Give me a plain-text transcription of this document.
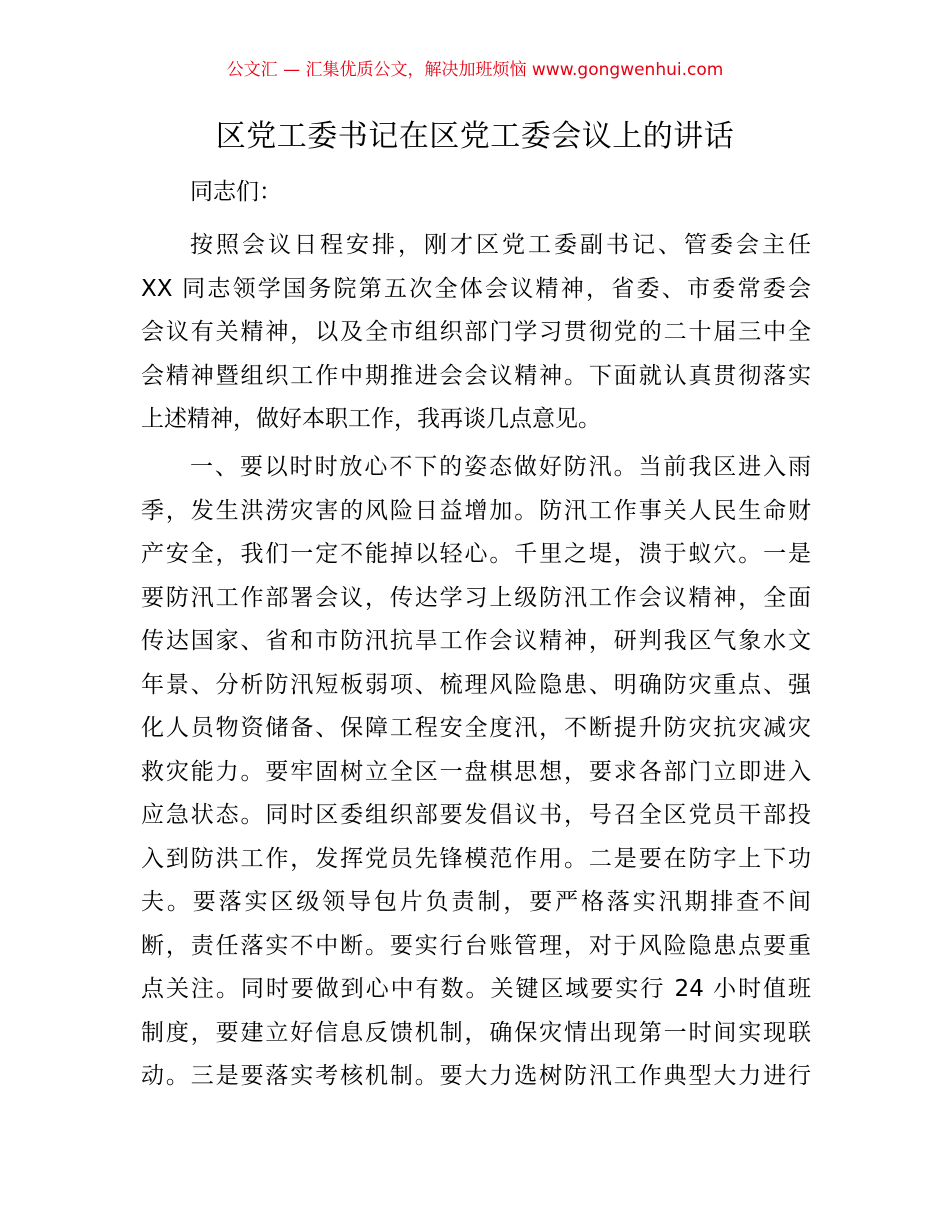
公文汇 — 汇集优质公文，解决加班烦恼 www.gongwenhui.com
区党工委书记在区党工委会议上的讲话

同志们：

按照会议日程安排，刚才区党工委副书记、管委会主任
XX 同志领学国务院第五次全体会议精神，省委、市委常委会
会议有关精神，以及全市组织部门学习贯彻党的二十届三中全
会精神暨组织工作中期推进会会议精神。下面就认真贯彻落实
上述精神，做好本职工作，我再谈几点意见。

一、要以时时放心不下的姿态做好防汛。当前我区进入雨
季，发生洪涝灾害的风险日益增加。防汛工作事关人民生命财
产安全，我们一定不能掉以轻心。千里之堤，溃于蚁穴。一是
要防汛工作部署会议，传达学习上级防汛工作会议精神，全面
传达国家、省和市防汛抗旱工作会议精神，研判我区气象水文
年景、分析防汛短板弱项、梳理风险隐患、明确防灾重点、强
化人员物资储备、保障工程安全度汛，不断提升防灾抗灾减灾
救灾能力。要牢固树立全区一盘棋思想，要求各部门立即进入
应急状态。同时区委组织部要发倡议书，号召全区党员干部投
入到防洪工作，发挥党员先锋模范作用。二是要在防字上下功
夫。要落实区级领导包片负责制，要严格落实汛期排查不间
断，责任落实不中断。要实行台账管理，对于风险隐患点要重
点关注。同时要做到心中有数。关键区域要实行 24 小时值班
制度，要建立好信息反馈机制，确保灾情出现第一时间实现联
动。三是要落实考核机制。要大力选树防汛工作典型大力进行
